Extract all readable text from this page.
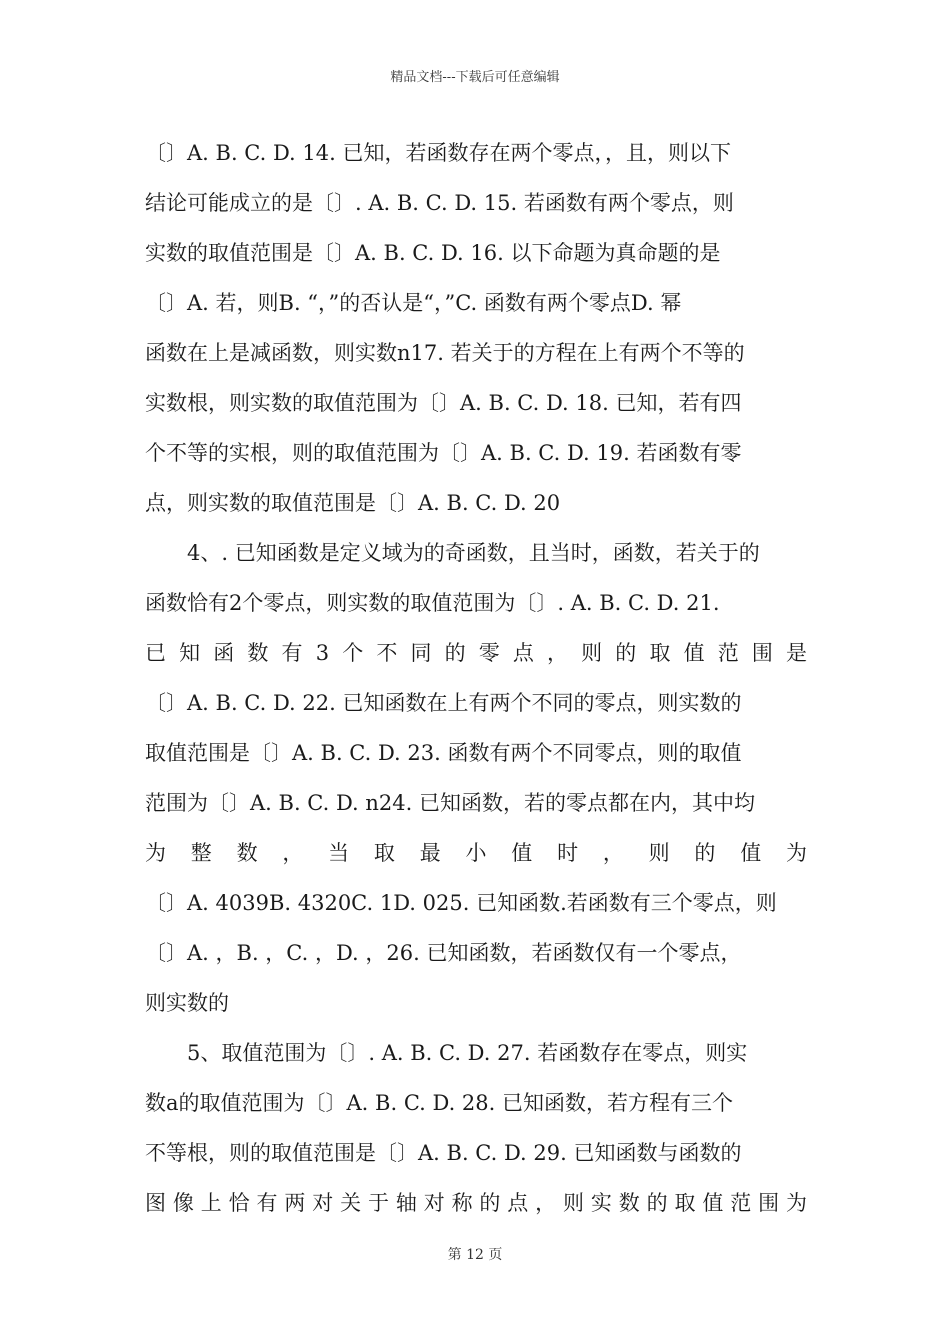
精品文档---下载后可任意编辑
〔〕A. B. C. D. 14. 已知，若函数存在两个零点，，且，则以下
结论可能成立的是〔〕. A. B. C. D. 15. 若函数有两个零点，则
实数的取值范围是〔〕A. B. C. D. 16. 以下命题为真命题的是
〔〕A. 若，则B. “，”的否认是“，”C. 函数有两个零点D. 幂
函数在上是减函数，则实数n17. 若关于的方程在上有两个不等的
实数根，则实数的取值范围为〔〕A. B. C. D. 18. 已知，若有四
个不等的实根，则的取值范围为〔〕A. B. C. D. 19. 若函数有零
点，则实数的取值范围是〔〕A. B. C. D. 20
4、. 已知函数是定义域为的奇函数，且当时，函数，若关于的
函数恰有2个零点，则实数的取值范围为〔〕. A. B. C. D. 21.
已知函数有3个不同的零点，则的取值范围是
〔〕A. B. C. D. 22. 已知函数在上有两个不同的零点，则实数的
取值范围是〔〕A. B. C. D. 23. 函数有两个不同零点，则的取值
范围为〔〕A. B. C. D. n24. 已知函数，若的零点都在内，其中均
为整数，当取最小值时，则的值为
〔〕A. 4039B. 4320C. 1D. 025. 已知函数.若函数有三个零点，则
〔〕A. ，B. ，C. ，D. ，26. 已知函数，若函数仅有一个零点，
则实数的
5、取值范围为〔〕. A. B. C. D. 27. 若函数存在零点，则实
数a的取值范围为〔〕A. B. C. D. 28. 已知函数，若方程有三个
不等根，则的取值范围是〔〕A. B. C. D. 29. 已知函数与函数的
图像上恰有两对关于轴对称的点，则实数的取值范围为
第 12 页
